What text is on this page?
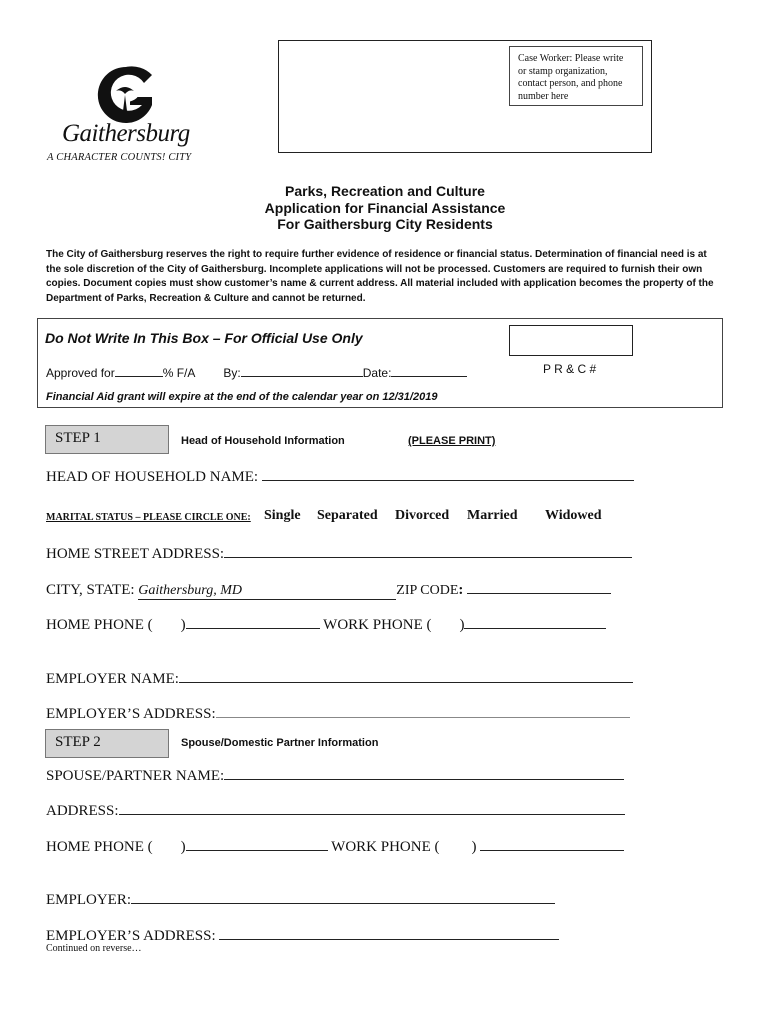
Gaithersburg
A CHARACTER COUNTS! CITY
Case Worker: Please write or stamp organization, contact person, and phone number here
Parks, Recreation and Culture
Application for Financial Assistance
For Gaithersburg City Residents
The City of Gaithersburg reserves the right to require further evidence of residence or financial status. Determination of financial need is at the sole discretion of the City of Gaithersburg. Incomplete applications will not be processed. Customers are required to furnish their own copies. Document copies must show customer’s name & current address. All material included with application becomes the property of the Department of Parks, Recreation & Culture and cannot be returned.
Do Not Write In This Box – For Official Use Only
Approved for	% F/A By:	Date:	P R & C #
Financial Aid grant will expire at the end of the calendar year on 12/31/2019
STEP 1	Head of Household Information	(PLEASE PRINT)
HEAD OF HOUSEHOLD NAME:
MARITAL STATUS – PLEASE CIRCLE ONE: Single Separated Divorced Married Widowed
HOME STREET ADDRESS:
CITY, STATE: Gaithersburg, MD	ZIP CODE:
HOME PHONE ( )	WORK PHONE ( )
EMPLOYER NAME:
EMPLOYER’S ADDRESS:
STEP 2	Spouse/Domestic Partner Information
SPOUSE/PARTNER NAME:
ADDRESS:
HOME PHONE ( )	WORK PHONE ( )
EMPLOYER:
EMPLOYER’S ADDRESS:
Continued on reverse…
